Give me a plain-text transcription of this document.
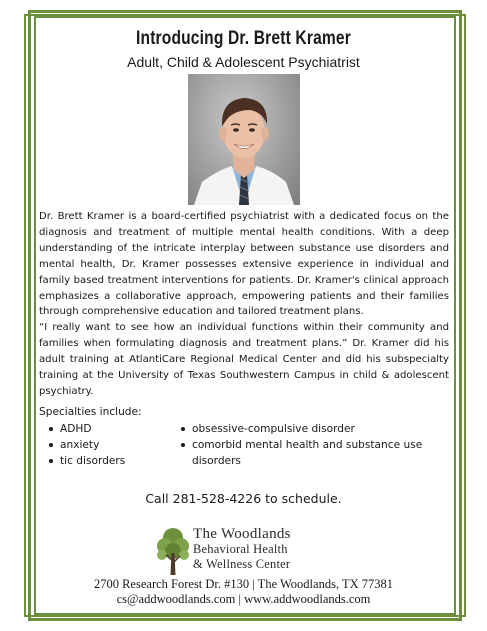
Introducing Dr. Brett Kramer
Adult, Child & Adolescent Psychiatrist

Dr. Brett Kramer is a board-certified psychiatrist with a dedicated focus on the diagnosis and treatment of multiple mental health conditions. With a deep understanding of the intricate interplay between substance use disorders and mental health, Dr. Kramer possesses extensive experience in individual and family based treatment interventions for patients. Dr. Kramer's clinical approach emphasizes a collaborative approach, empowering patients and their families through comprehensive education and tailored treatment plans.

“I really want to see how an individual functions within their community and families when formulating diagnosis and treatment plans.” Dr. Kramer did his adult training at AtlantiCare Regional Medical Center and did his subspecialty training at the University of Texas Southwestern Campus in child & adolescent psychiatry.

Specialties include:
ADHD
anxiety
tic disorders
obsessive-compulsive disorder
comorbid mental health and substance use disorders
Call 281-528-4226 to schedule.
The Woodlands
Behavioral Health
& Wellness Center
2700 Research Forest Dr. #130 | The Woodlands, TX 77381
cs@addwoodlands.com | www.addwoodlands.com
